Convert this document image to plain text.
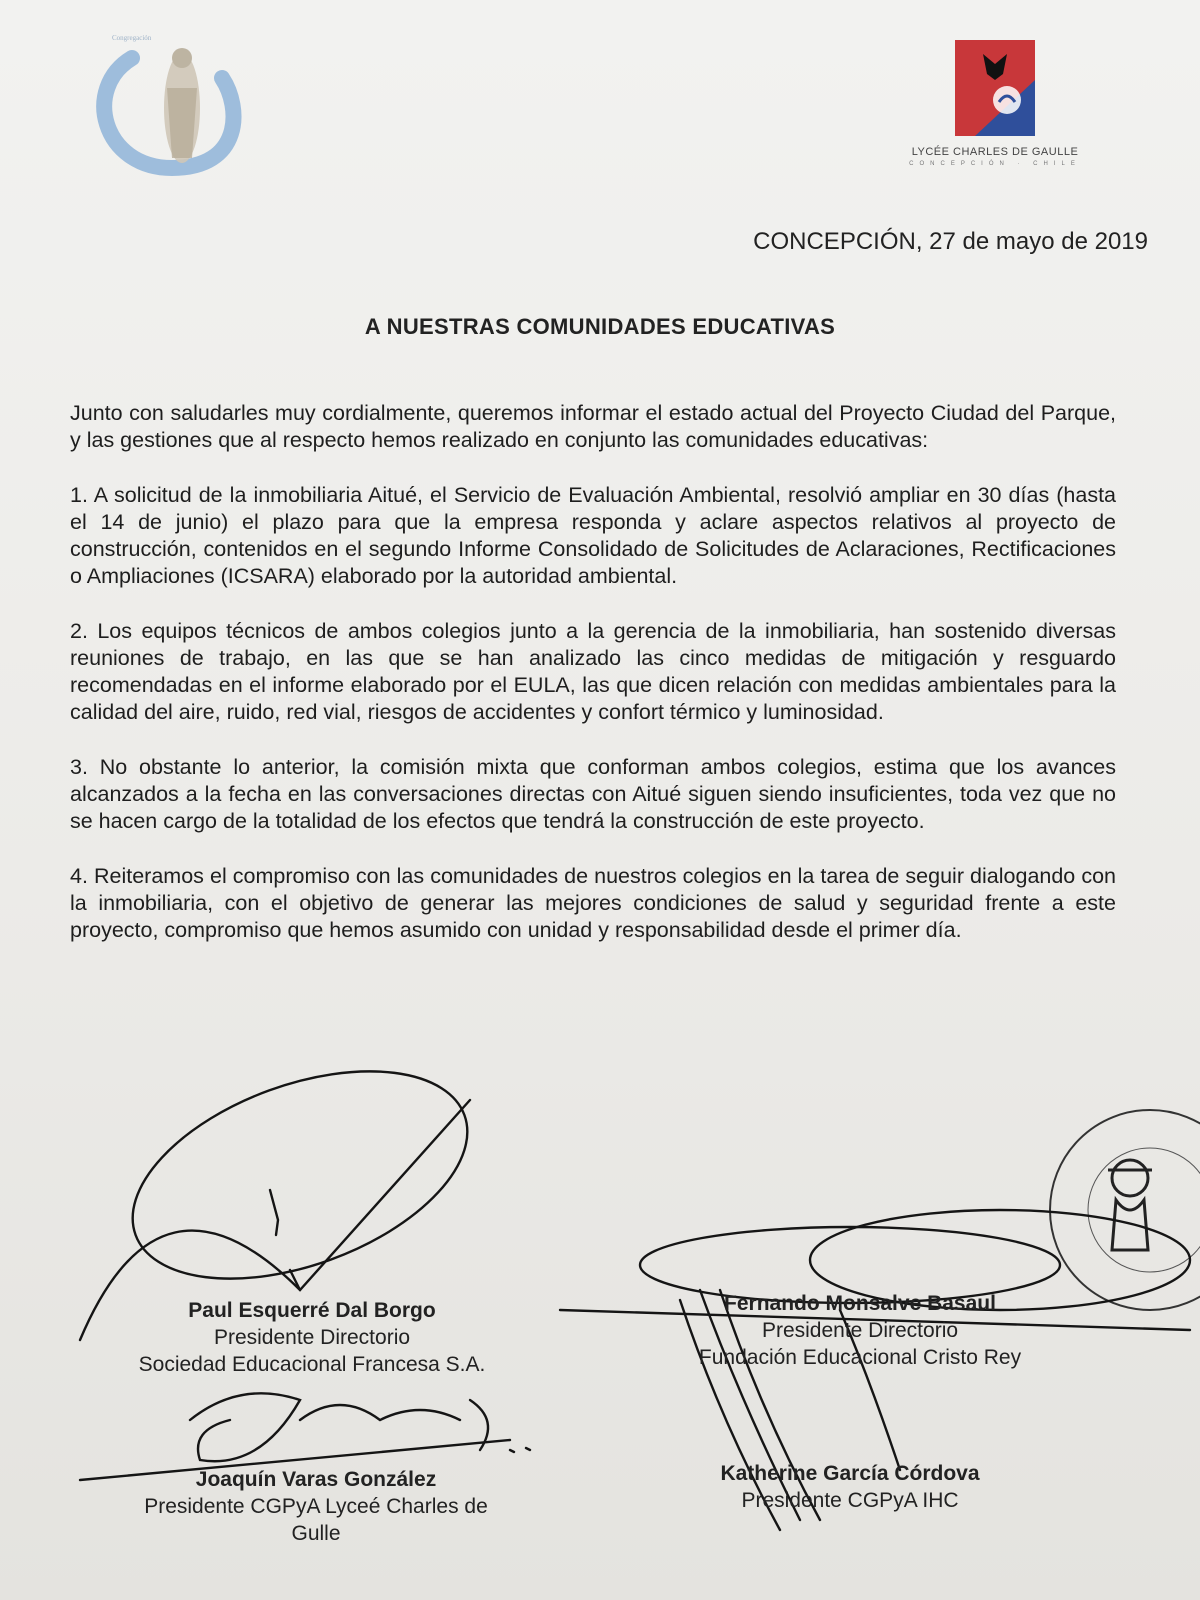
Congregación
LYCÉE CHARLES DE GAULLE
CONCEPCIÓN · CHILE
CONCEPCIÓN, 27 de mayo de 2019
A NUESTRAS COMUNIDADES EDUCATIVAS

Junto con saludarles muy cordialmente, queremos informar el estado actual del Proyecto Ciudad del Parque, y las gestiones que al respecto hemos realizado en conjunto las comunidades educativas:

1. A solicitud de la inmobiliaria Aitué, el Servicio de Evaluación Ambiental, resolvió ampliar en 30 días (hasta el 14 de junio) el plazo para que la empresa responda y aclare aspectos relativos al proyecto de construcción, contenidos en el segundo Informe Consolidado de Solicitudes de Aclaraciones, Rectificaciones o Ampliaciones (ICSARA) elaborado por la autoridad ambiental.

2. Los equipos técnicos de ambos colegios junto a la gerencia de la inmobiliaria, han sostenido diversas reuniones de trabajo, en las que se han analizado las cinco medidas de mitigación y resguardo recomendadas en el informe elaborado por el EULA, las que dicen relación con medidas ambientales para la calidad del aire, ruido, red vial, riesgos de accidentes y confort térmico y luminosidad.

3. No obstante lo anterior, la comisión mixta que conforman ambos colegios, estima que los avances alcanzados a la fecha en las conversaciones directas con Aitué siguen siendo insuficientes, toda vez que no se hacen cargo de la totalidad de los efectos que tendrá la construcción de este proyecto.

4. Reiteramos el compromiso con las comunidades de nuestros colegios en la tarea de seguir dialogando con la inmobiliaria, con el objetivo de generar las mejores condiciones de salud y seguridad frente a este proyecto, compromiso que hemos asumido con unidad y responsabilidad desde el primer día.

Paul Esquerré Dal Borgo
Presidente Directorio
Sociedad Educacional Francesa S.A.
Fernando Monsalve Basaul
Presidente Directorio
Fundación Educacional Cristo Rey
Joaquín Varas González
Presidente CGPyA Lyceé Charles de
Gulle
Katherine García Córdova
Presidente CGPyA IHC
